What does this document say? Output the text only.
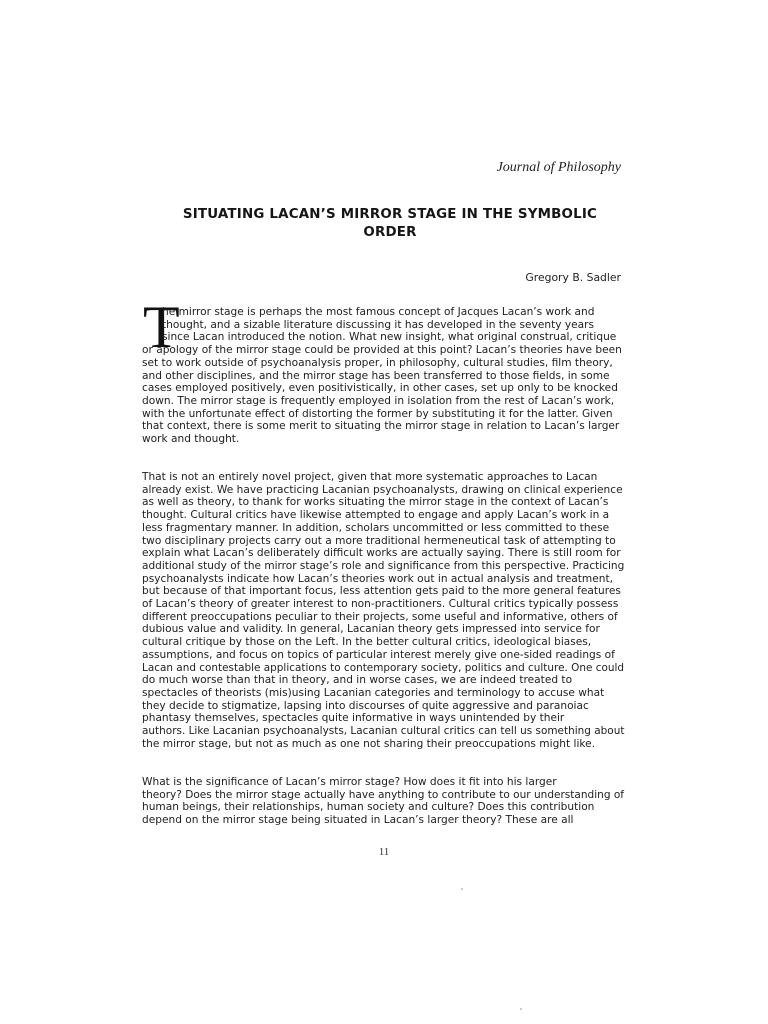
Journal of Philosophy
SITUATING LACAN’S MIRROR STAGE IN THE SYMBOLIC
ORDER
Gregory B. Sadler
T
he mirror stage is perhaps the most famous concept of Jacques Lacan’s work and
thought, and a sizable literature discussing it has developed in the seventy years
since Lacan introduced the notion. What new insight, what original construal, critique
or apology of the mirror stage could be provided at this point? Lacan’s theories have been
set to work outside of psychoanalysis proper, in philosophy, cultural studies, film theory,
and other disciplines, and the mirror stage has been transferred to those fields, in some
cases employed positively, even positivistically, in other cases, set up only to be knocked
down. The mirror stage is frequently employed in isolation from the rest of Lacan’s work,
with the unfortunate effect of distorting the former by substituting it for the latter. Given
that context, there is some merit to situating the mirror stage in relation to Lacan’s larger
work and thought.
That is not an entirely novel project, given that more systematic approaches to Lacan
already exist. We have practicing Lacanian psychoanalysts, drawing on clinical experience
as well as theory, to thank for works situating the mirror stage in the context of Lacan’s
thought. Cultural critics have likewise attempted to engage and apply Lacan’s work in a
less fragmentary manner. In addition, scholars uncommitted or less committed to these
two disciplinary projects carry out a more traditional hermeneutical task of attempting to
explain what Lacan’s deliberately difficult works are actually saying. There is still room for
additional study of the mirror stage’s role and significance from this perspective. Practicing
psychoanalysts indicate how Lacan’s theories work out in actual analysis and treatment,
but because of that important focus, less attention gets paid to the more general features
of Lacan’s theory of greater interest to non-practitioners. Cultural critics typically possess
different preoccupations peculiar to their projects, some useful and informative, others of
dubious value and validity. In general, Lacanian theory gets impressed into service for
cultural critique by those on the Left. In the better cultural critics, ideological biases,
assumptions, and focus on topics of particular interest merely give one-sided readings of
Lacan and contestable applications to contemporary society, politics and culture. One could
do much worse than that in theory, and in worse cases, we are indeed treated to
spectacles of theorists (mis)using Lacanian categories and terminology to accuse what
they decide to stigmatize, lapsing into discourses of quite aggressive and paranoiac
phantasy themselves, spectacles quite informative in ways unintended by their
authors. Like Lacanian psychoanalysts, Lacanian cultural critics can tell us something about
the mirror stage, but not as much as one not sharing their preoccupations might like.
What is the significance of Lacan’s mirror stage? How does it fit into his larger
theory? Does the mirror stage actually have anything to contribute to our understanding of
human beings, their relationships, human society and culture? Does this contribution
depend on the mirror stage being situated in Lacan’s larger theory? These are all
11
